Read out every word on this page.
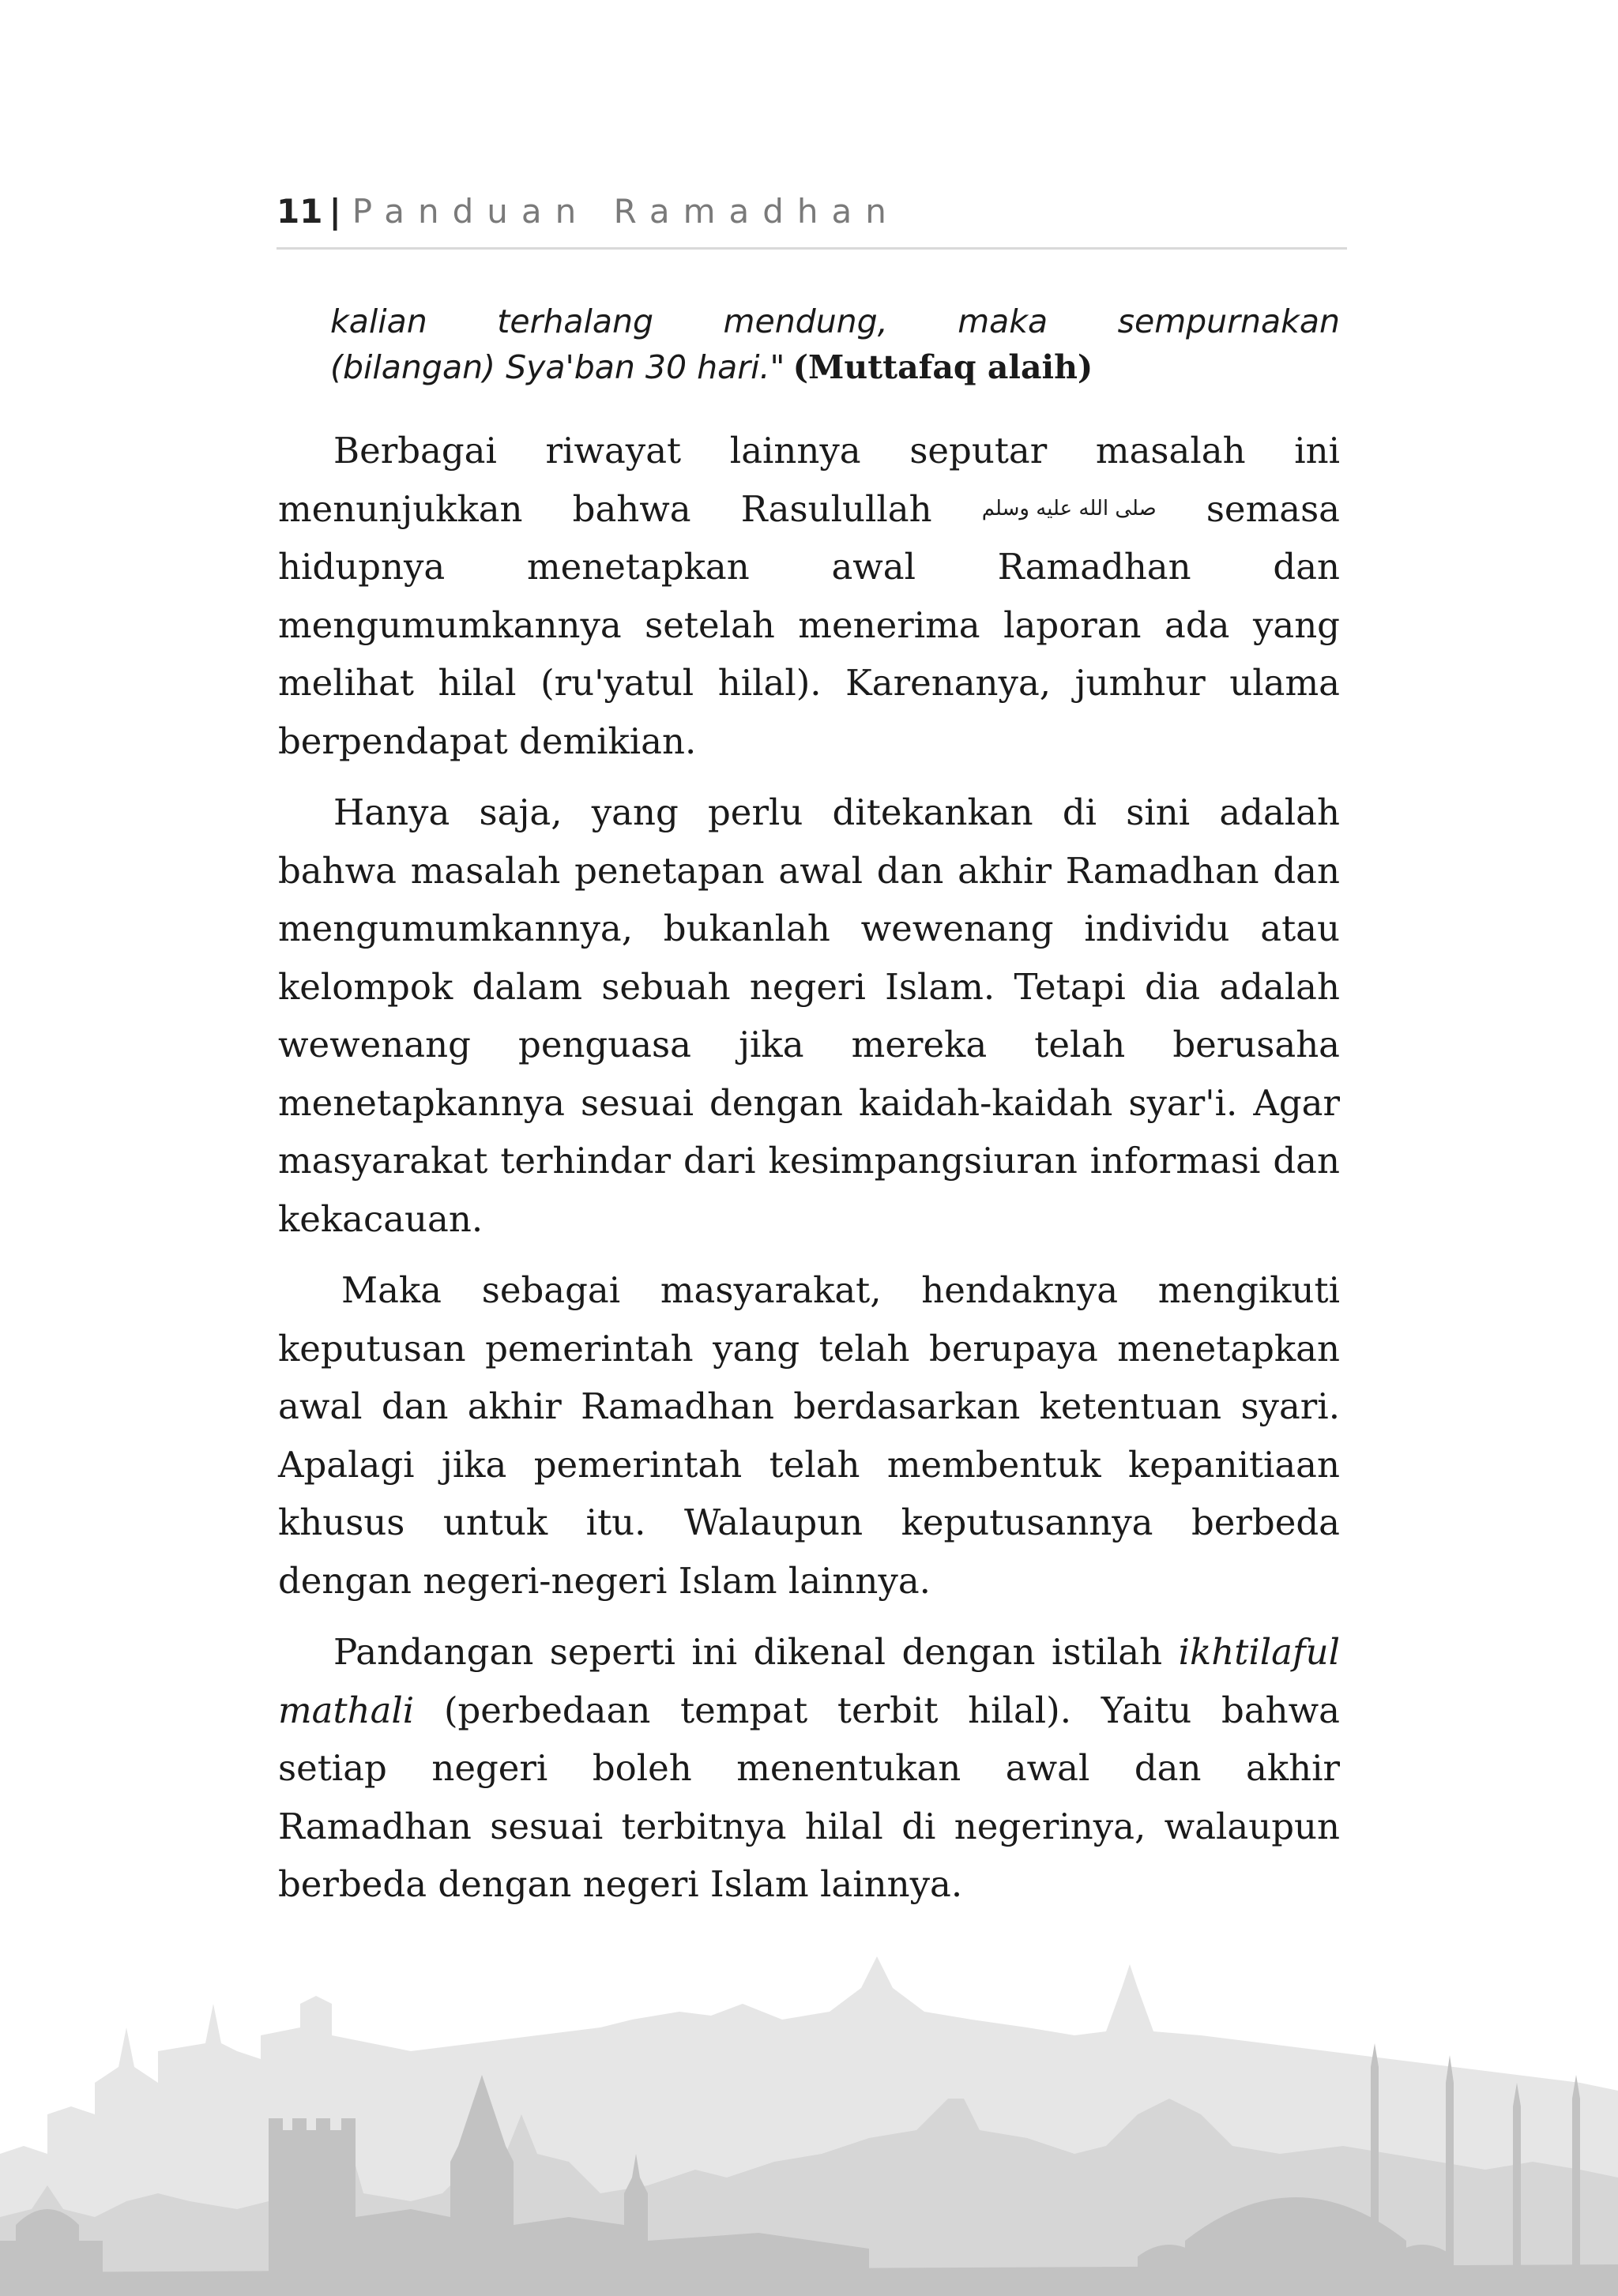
11 | Panduan Ramadhan
kalian terhalang mendung, maka sempurnakan
(bilangan) Sya'ban 30 hari." (Muttafaq alaih)

Berbagai riwayat lainnya seputar masalah ini menunjukkan bahwa Rasulullah صلى الله عليه وسلم semasa hidupnya menetapkan awal Ramadhan dan mengumumkannya setelah menerima laporan ada yang melihat hilal (ru'yatul hilal). Karenanya, jumhur ulama berpendapat demikian.

Hanya saja, yang perlu ditekankan di sini adalah bahwa masalah penetapan awal dan akhir Ramadhan dan mengumumkannya, bukanlah wewenang individu atau kelompok dalam sebuah negeri Islam. Tetapi dia adalah wewenang penguasa jika mereka telah berusaha menetapkannya sesuai dengan kaidah-kaidah syar'i. Agar masyarakat terhindar dari kesimpangsiuran informasi dan kekacauan.

Maka sebagai masyarakat, hendaknya mengikuti keputusan pemerintah yang telah berupaya menetapkan awal dan akhir Ramadhan berdasarkan ketentuan syari. Apalagi jika pemerintah telah membentuk kepanitiaan khusus untuk itu. Walaupun keputusannya berbeda dengan negeri-negeri Islam lainnya.

Pandangan seperti ini dikenal dengan istilah ikhtilaful mathali (perbedaan tempat terbit hilal). Yaitu bahwa setiap negeri boleh menentukan awal dan akhir Ramadhan sesuai terbitnya hilal di negerinya, walaupun berbeda dengan negeri Islam lainnya.
